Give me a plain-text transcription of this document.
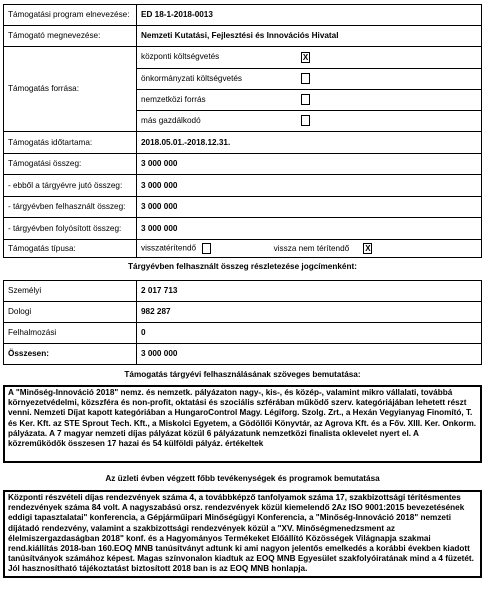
Támogatási program elnevezése:	ED 18-1-2018-0013
Támogató megnevezése:	Nemzeti Kutatási, Fejlesztési és Innovációs Hivatal
Támogatás forrása:	
központi költségvetés	X
önkormányzati költségvetés	
nemzetközi forrás	
más gazdálkodó	

Támogatás időtartama:	2018.05.01.-2018.12.31.
Támogatási összeg:	3 000 000
- ebből a tárgyévre jutó összeg:	3 000 000
- tárgyévben felhasznált összeg:	3 000 000
- tárgyévben folyósított összeg:	3 000 000
Támogatás típusa:	visszatérítendő	vissza nem térítendő X
Tárgyévben felhasznált összeg részletezése jogcímenként:
Személyi	2 017 713
Dologi	982 287
Felhalmozási	0
Összesen:	3 000 000
Támogatás tárgyévi felhasználásának szöveges bemutatása:
A "Minőség-Innováció 2018" nemz. és nemzetk. pályázaton nagy-, kis-, és közép-, valamint mikro vállalati, továbbá környezetvédelmi, közszféra és non-profit, oktatási és szociális szférában működő szerv. kategóriájában lehetett részt venni. Nemzeti Díjat kapott kategóriában a HungaroControl Magy. Légiforg. Szolg. Zrt., a Hexán Vegyianyag Finomító, T. és Ker. Kft. az STE Sprout Tech. Kft., a Miskolci Egyetem, a Gödöllői Könyvtár, az Agrova Kft. és a Főv. XIII. Ker. Onkorm. pályázata. A 7 magyar nemzeti díjas pályázat közül 6 pályázatunk nemzetközi finalista oklevelet nyert el. A közreműködők összesen 17 hazai és 54 külföldi pályáz. értékeltek
Az üzleti évben végzett főbb tevékenységek és programok bemutatása
Központi részvételi díjas rendezvények száma 4, a továbbképző tanfolyamok száma 17, szakbizottsági térítésmentes rendezvények száma 84 volt. A nagyszabású orsz. rendezvények közül kiemelendő 2Az ISO 9001:2015 bevezetésének eddigi tapasztalatai" konferencia, a Gépjárműipari Minőségügyi Konferencia, a "Minőség-Innováció 2018" nemzeti díjátadó rendezvény, valamint a szakbizottsági rendezvények közül a "XV. Minőségmenedzsment az élelmiszergazdaságban 2018" konf. és a Hagyományos Termékeket Előállító Közösségek Világnapja szakmai rend.kiállítás 2018-ban 160.EOQ MNB tanúsítványt adtunk ki ami nagyon jelentős emelkedés a korábbi években kiadott tanúsítványok számához képest. Magas színvonalon kiadtuk az EOQ MNB Egyesület szakfolyóiratának mind a 4 füzetét. Jól hasznosítható tájékoztatást biztosított 2018 ban is az EOQ MNB honlapja.
